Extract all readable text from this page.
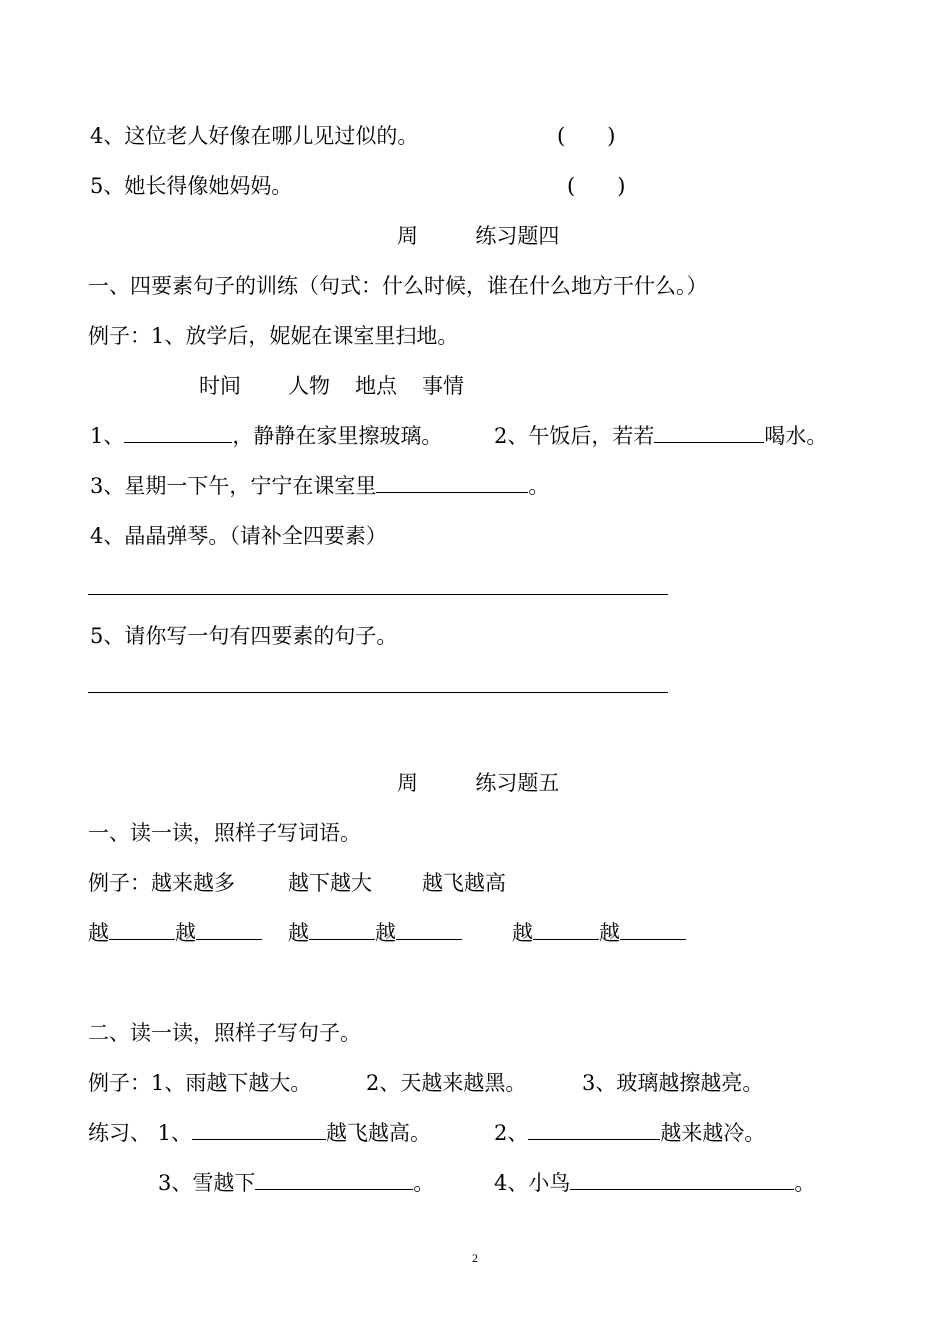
4、这位老人好像在哪儿见过似的。	(　　)
5、她长得像她妈妈。	(　　)
周	练习题四
一、四要素句子的训练（句式：什么时候，谁在什么地方干什么。）
例子：1、放学后，妮妮在课室里扫地。
时间 人物 地点 事情
1、	，静静在家里擦玻璃。 2、午饭后，若若	喝水。
3、星期一下午，宁宁在课室里	。
4、晶晶弹琴。（请补全四要素）
5、请你写一句有四要素的句子。
周	练习题五
一、读一读，照样子写词语。
例子：越来越多	越下越大 越飞越高
越	越	越	越	越	越
二、读一读，照样子写句子。
例子：1、雨越下越大。	2、天越来越黑。	3、玻璃越擦越亮。
练习、 1、	越飞越高。	2、	越来越冷。
3、雪越下	。	4、小鸟	。
2
